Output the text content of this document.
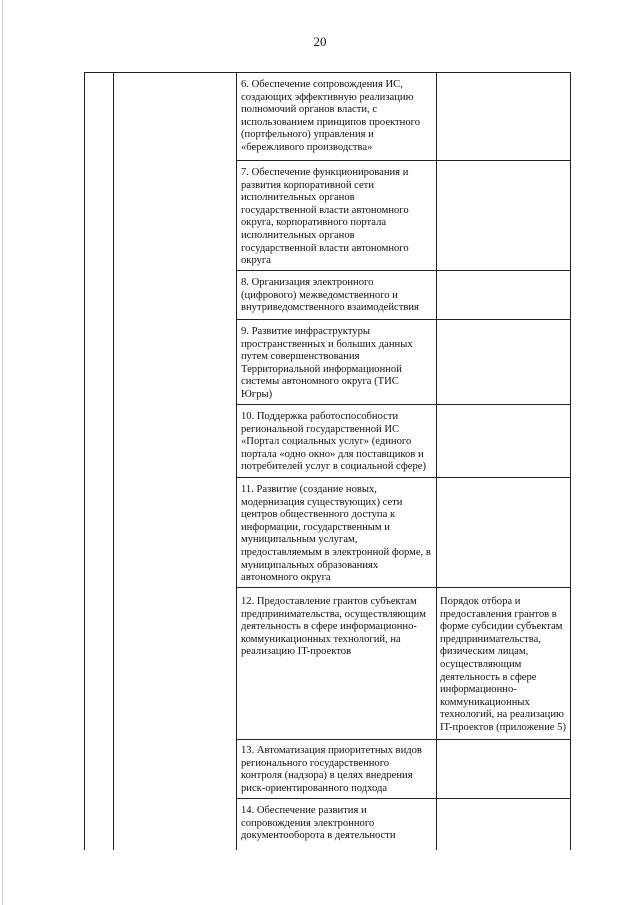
20
6. Обеспечение сопровождения ИС,
создающих эффективную реализацию
полномочий органов власти, с
использованием принципов проектного
(портфельного) управления и
«бережливого производства»
7. Обеспечение функционирования и
развития корпоративной сети
исполнительных органов
государственной власти автономного
округа, корпоративного портала
исполнительных органов
государственной власти автономного
округа
8. Организация электронного
(цифрового) межведомственного и
внутриведомственного взаимодействия
9. Развитие инфраструктуры
пространственных и больших данных
путем совершенствования
Территориальной информационной
системы автономного округа (ТИС
Югры)
10. Поддержка работоспособности
региональной государственной ИС
«Портал социальных услуг» (единого
портала «одно окно» для поставщиков и
потребителей услуг в социальной сфере)
11. Развитие (создание новых,
модернизация существующих) сети
центров общественного доступа к
информации, государственным и
муниципальным услугам,
предоставляемым в электронной форме, в
муниципальных образованиях
автономного округа
12. Предоставление грантов субъектам
предпринимательства, осуществляющим
деятельность в сфере информационно-
коммуникационных технологий, на
реализацию IT-проектов
Порядок отбора и
предоставления грантов в
форме субсидии субъектам
предпринимательства,
физическим лицам,
осуществляющим
деятельность в сфере
информационно-
коммуникационных
технологий, на реализацию
IT-проектов (приложение 5)
13. Автоматизация приоритетных видов
регионального государственного
контроля (надзора) в целях внедрения
риск-ориентированного подхода
14. Обеспечение развития и
сопровождения электронного
документооборота в деятельности
